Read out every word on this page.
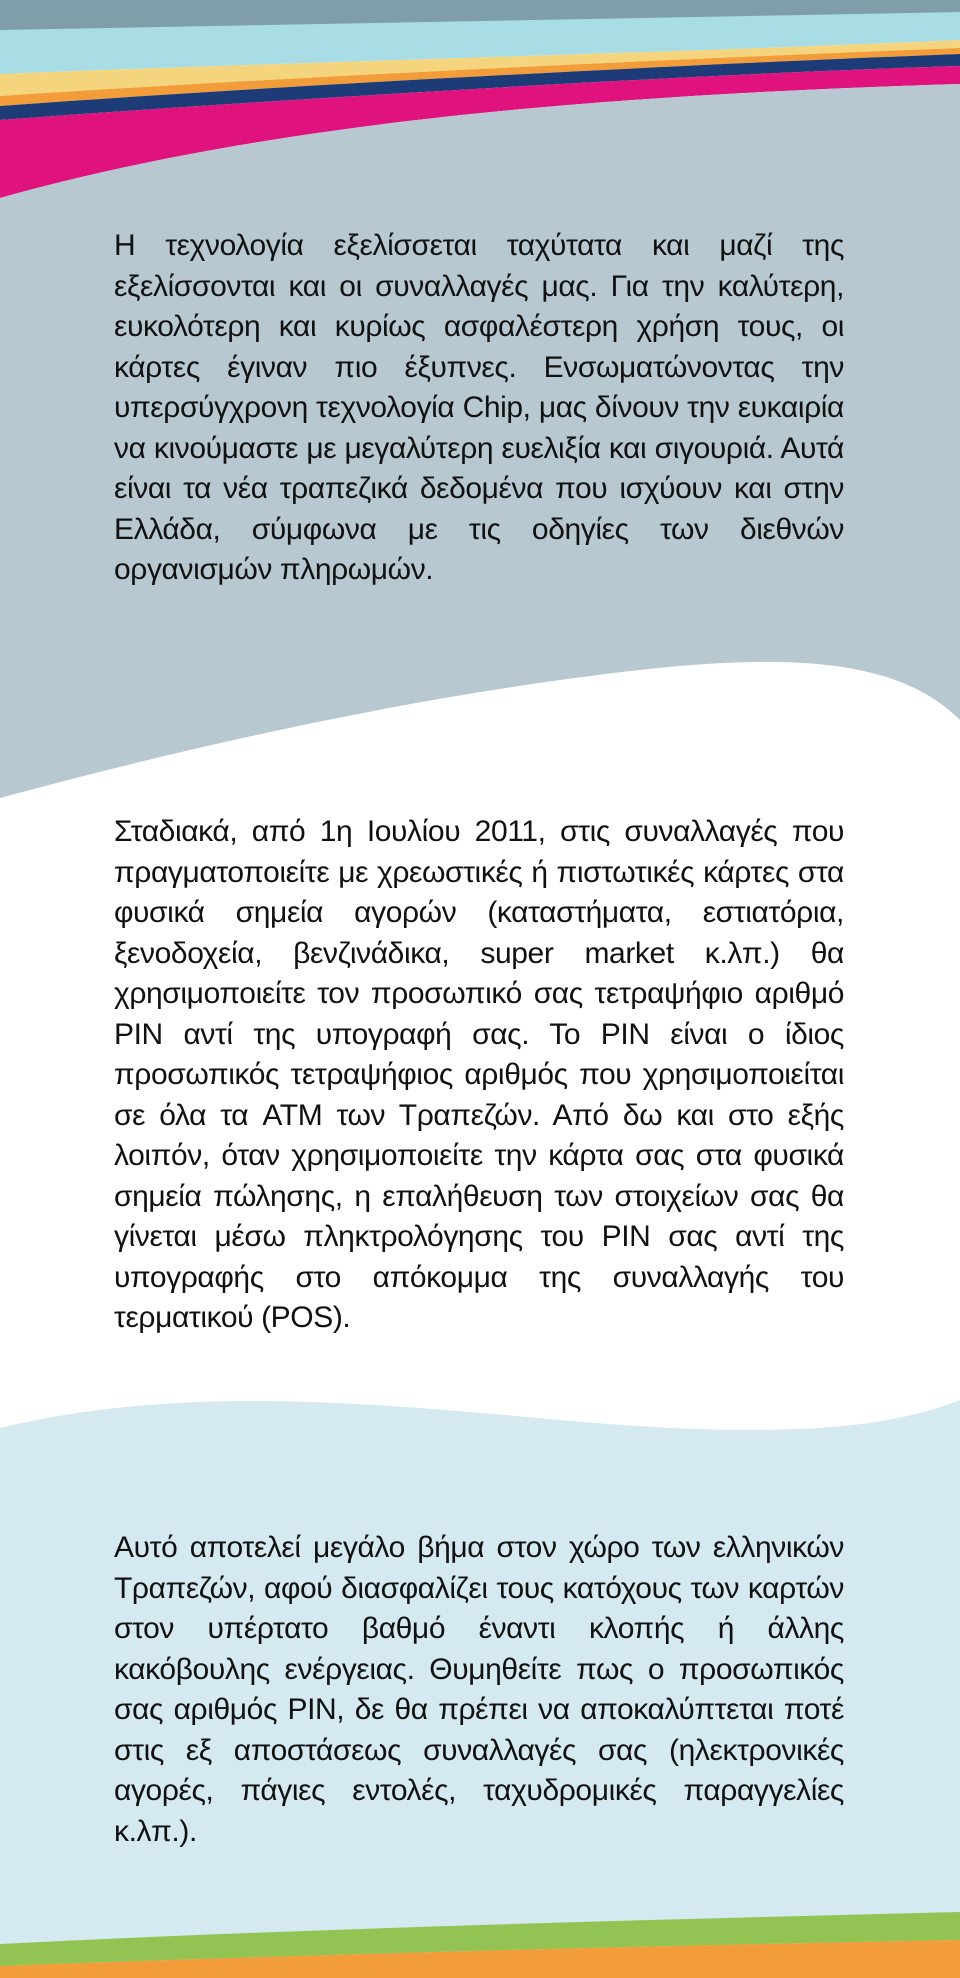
Η τεχνολογία εξελίσσεται ταχύτατα και μαζί της εξελίσσονται και οι συναλλαγές μας. Για την καλύτερη, ευκολότερη και κυρίως ασφαλέστερη χρήση τους, οι κάρτες έγιναν πιο έξυπνες. Ενσωματώνοντας την υπερσύγχρονη τεχνολογία Chip, μας δίνουν την ευκαιρία να κινούμαστε με μεγαλύτερη ευελιξία και σιγουριά. Αυτά είναι τα νέα τραπεζικά δεδομένα που ισχύουν και στην Ελλάδα, σύμφωνα με τις οδηγίες των διεθνών οργανισμών πληρωμών.

Σταδιακά, από 1η Ιουλίου 2011, στις συναλλαγές που πραγματοποιείτε με χρεωστικές ή πιστωτικές κάρτες στα φυσικά σημεία αγορών (καταστήματα, εστιατόρια, ξενοδοχεία, βενζινάδικα, super market κ.λπ.) θα χρησιμοποιείτε τον προσωπικό σας τετραψήφιο αριθμό PIN αντί της υπογραφή σας. Το PIN είναι ο ίδιος προσωπικός τετραψήφιος αριθμός που χρησιμοποιείται σε όλα τα ATM των Τραπεζών. Από δω και στο εξής λοιπόν, όταν χρησιμοποιείτε την κάρτα σας στα φυσικά σημεία πώλησης, η επαλήθευση των στοιχείων σας θα γίνεται μέσω πληκτρολόγησης του PIN σας αντί της υπογραφής στο απόκομμα της συναλλαγής του τερματικού (POS).

Αυτό αποτελεί μεγάλο βήμα στον χώρο των ελληνικών Τραπεζών, αφού διασφαλίζει τους κατόχους των καρτών στον υπέρτατο βαθμό έναντι κλοπής ή άλλης κακόβουλης ενέργειας. Θυμηθείτε πως ο προσωπικός σας αριθμός PIN, δε θα πρέπει να αποκαλύπτεται ποτέ στις εξ αποστάσεως συναλλαγές σας (ηλεκτρονικές αγορές, πάγιες εντολές, ταχυδρομικές παραγγελίες κ.λπ.).
